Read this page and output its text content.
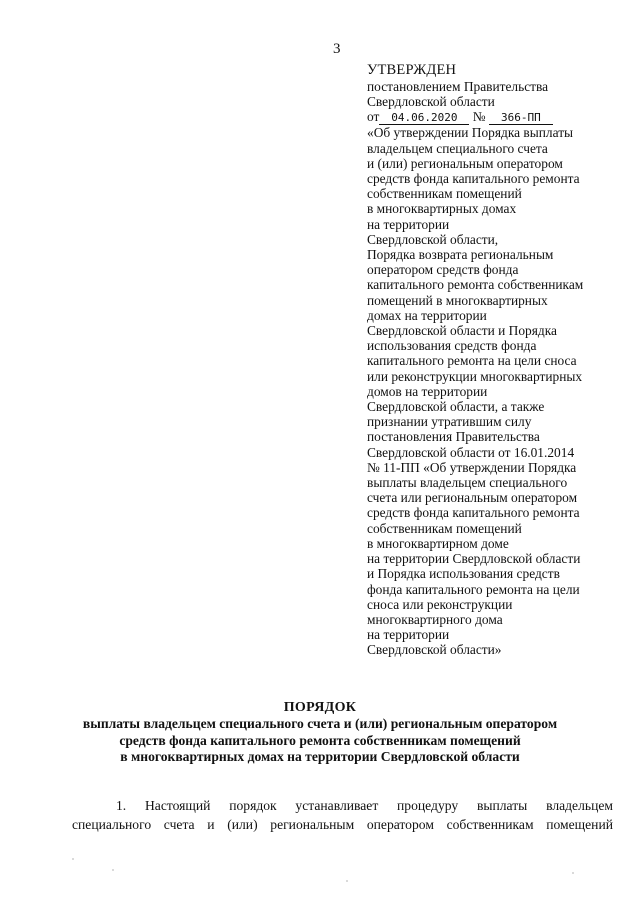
3
УТВЕРЖДЕН
постановлением Правительства
Свердловской области
от 04.06.2020 № 366-ПП
«Об утверждении Порядка выплаты
владельцем специального счета
и (или) региональным оператором
средств фонда капитального ремонта
собственникам помещений
в многоквартирных домах
на территории
Свердловской области,
Порядка возврата региональным
оператором средств фонда
капитального ремонта собственникам
помещений в многоквартирных
домах на территории
Свердловской области и Порядка
использования средств фонда
капитального ремонта на цели сноса
или реконструкции многоквартирных
домов на территории
Свердловской области, а также
признании утратившим силу
постановления Правительства
Свердловской области от 16.01.2014
№ 11-ПП «Об утверждении Порядка
выплаты владельцем специального
счета или региональным оператором
средств фонда капитального ремонта
собственникам помещений
в многоквартирном доме
на территории Свердловской области
и Порядка использования средств
фонда капитального ремонта на цели
сноса или реконструкции
многоквартирного дома
на территории
Свердловской области»
ПОРЯДОК
выплаты владельцем специального счета и (или) региональным оператором
средств фонда капитального ремонта собственникам помещений
в многоквартирных домах на территории Свердловской области
1. Настоящий порядок устанавливает процедуру выплаты владельцем
специального счета и (или) региональным оператором собственникам помещений
